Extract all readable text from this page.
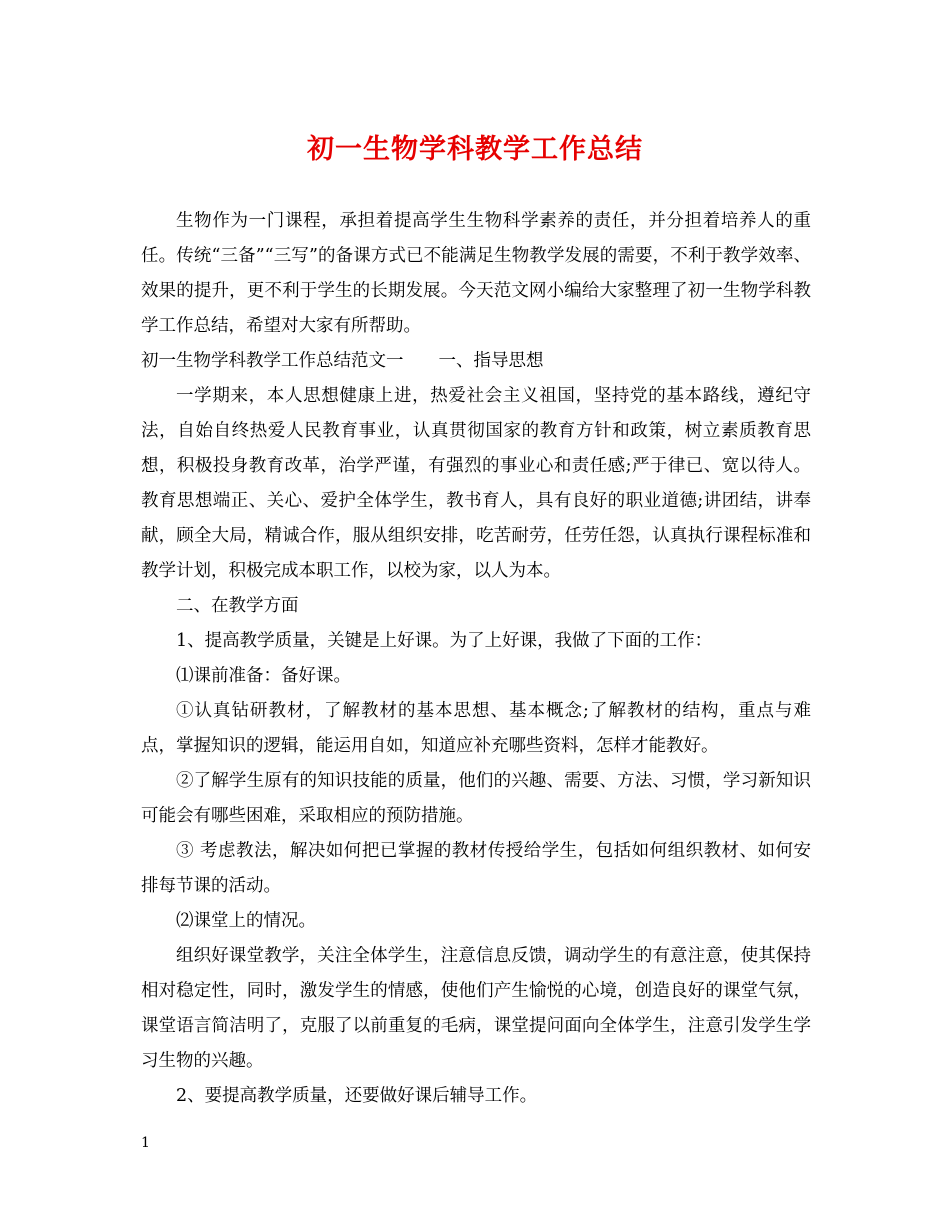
初一生物学科教学工作总结

生物作为一门课程，承担着提高学生生物科学素养的责任，并分担着培养人的重任。传统“三备”“三写”的备课方式已不能满足生物教学发展的需要，不利于教学效率、效果的提升，更不利于学生的长期发展。今天范文网小编给大家整理了初一生物学科教学工作总结，希望对大家有所帮助。

初一生物学科教学工作总结范文一　　一、指导思想

一学期来，本人思想健康上进，热爱社会主义祖国，坚持党的基本路线，遵纪守法，自始自终热爱人民教育事业，认真贯彻国家的教育方针和政策，树立素质教育思想，积极投身教育改革，治学严谨，有强烈的事业心和责任感;严于律已、宽以待人。教育思想端正、关心、爱护全体学生，教书育人，具有良好的职业道德;讲团结，讲奉献，顾全大局，精诚合作，服从组织安排，吃苦耐劳，任劳任怨，认真执行课程标准和教学计划，积极完成本职工作，以校为家，以人为本。

二、在教学方面

1、提高教学质量，关键是上好课。为了上好课，我做了下面的工作：

⑴课前准备：备好课。

①认真钻研教材，了解教材的基本思想、基本概念;了解教材的结构，重点与难点，掌握知识的逻辑，能运用自如，知道应补充哪些资料，怎样才能教好。

②了解学生原有的知识技能的质量，他们的兴趣、需要、方法、习惯，学习新知识可能会有哪些困难，采取相应的预防措施。

③ 考虑教法，解决如何把已掌握的教材传授给学生，包括如何组织教材、如何安排每节课的活动。

⑵课堂上的情况。

组织好课堂教学，关注全体学生，注意信息反馈，调动学生的有意注意，使其保持相对稳定性，同时，激发学生的情感，使他们产生愉悦的心境，创造良好的课堂气氛，课堂语言简洁明了，克服了以前重复的毛病，课堂提问面向全体学生，注意引发学生学习生物的兴趣。

2、要提高教学质量，还要做好课后辅导工作。

1
